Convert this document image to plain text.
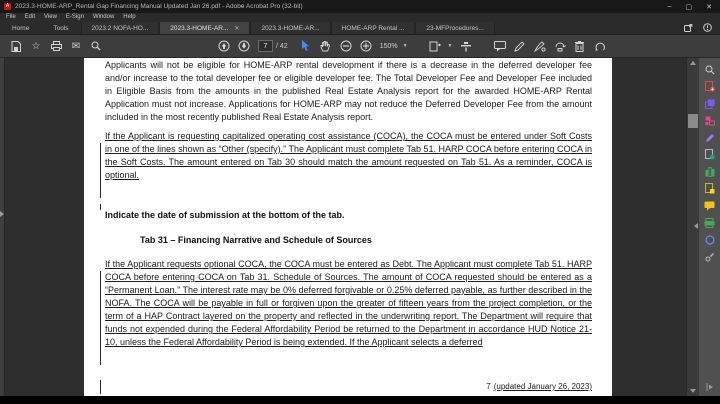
A 2023.3-HOME-ARP_Rental Gap Financing Manual Updated Jan 26.pdf - Adobe Acrobat Pro (32-bit)	– ▢ ✕
File Edit View E-Sign Window Help
Home	Tools	2023.2 NOFA-HO...	2023.3-HOME-AR... ✕	2023.3-HOME-AR...	HOME-ARP Rental ...	23-MFProcedures...
☆	✉
7	/ 42	150% ▼	▼
Applicants will not be eligible for HOME-ARP rental development if there is a decrease in the deferred developer fee and/or increase to the total developer fee or eligible developer fee. The Total Developer Fee and Developer Fee included in Eligible Basis from the amounts in the published Real Estate Analysis report for the awarded HOME-ARP Rental Application must not increase. Applications for HOME-ARP may not reduce the Deferred Developer Fee from the amount included in the most recently published Real Estate Analysis report.
If the Applicant is requesting capitalized operating cost assistance (COCA), the COCA must be entered under Soft Costs in one of the lines shown as “Other (specify).” The Applicant must complete Tab 51. HARP COCA before entering COCA in the Soft Costs. The amount entered on Tab 30 should match the amount requested on Tab 51. As a reminder, COCA is optional.
Indicate the date of submission at the bottom of the tab.
Tab 31 – Financing Narrative and Schedule of Sources
If the Applicant requests optional COCA, the COCA must be entered as Debt. The Applicant must complete Tab 51. HARP COCA before entering COCA on Tab 31. Schedule of Sources. The amount of COCA requested should be entered as a “Permanent Loan.” The interest rate may be 0% deferred forgivable or 0.25% deferred payable, as further described in the NOFA. The COCA will be payable in full or forgiven upon the greater of fifteen years from the project completion, or the term of a HAP Contract layered on the property and reflected in the underwriting report. The Department will require that funds not expended during the Federal Affordability Period be returned to the Department in accordance HUD Notice 21-10, unless the Federal Affordability Period is being extended. If the Applicant selects a deferred
7 (updated January 26, 2023)
